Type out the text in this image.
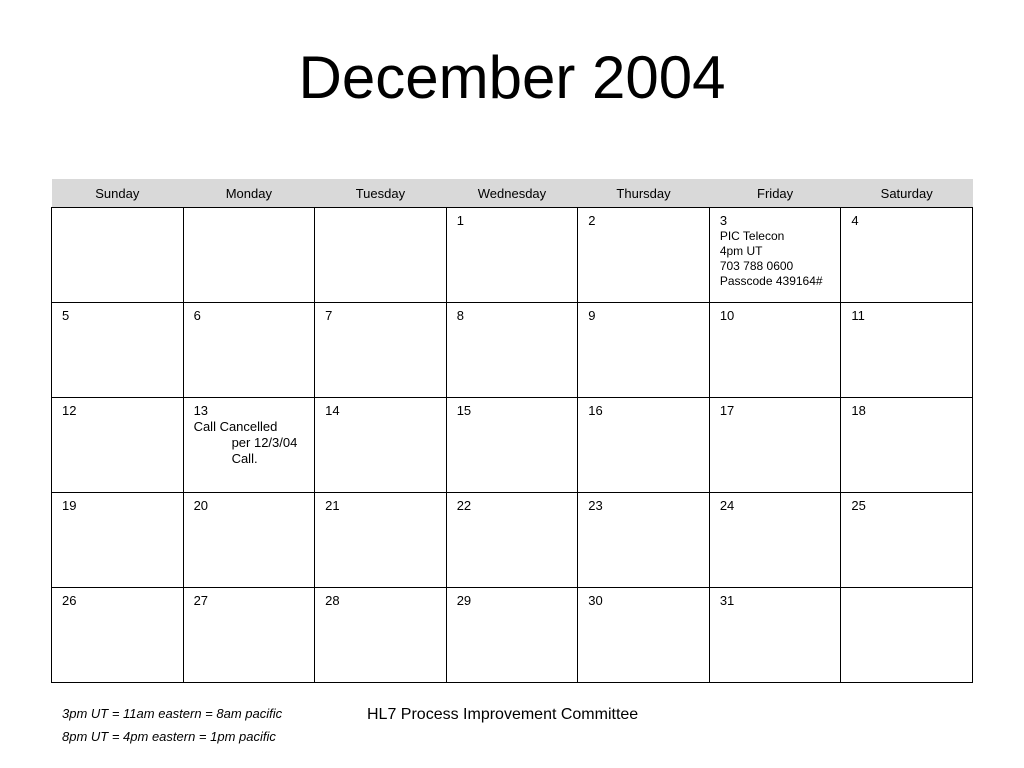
December 2004
Sunday	Monday	Tuesday	Wednesday	Thursday	Friday	Saturday

			1	2	3
PIC Telecon
4pm UT
703 788 0600
Passcode 439164#	4

5	6	7	8	9	10	11

12	13
Call Cancelled
per 12/3/04
Call.	14	15	16	17	18

19	20	21	22	23	24	25

26	27	28	29	30	31	

3pm UT = 11am eastern = 8am pacific
8pm UT = 4pm eastern = 1pm pacific
HL7 Process Improvement Committee
